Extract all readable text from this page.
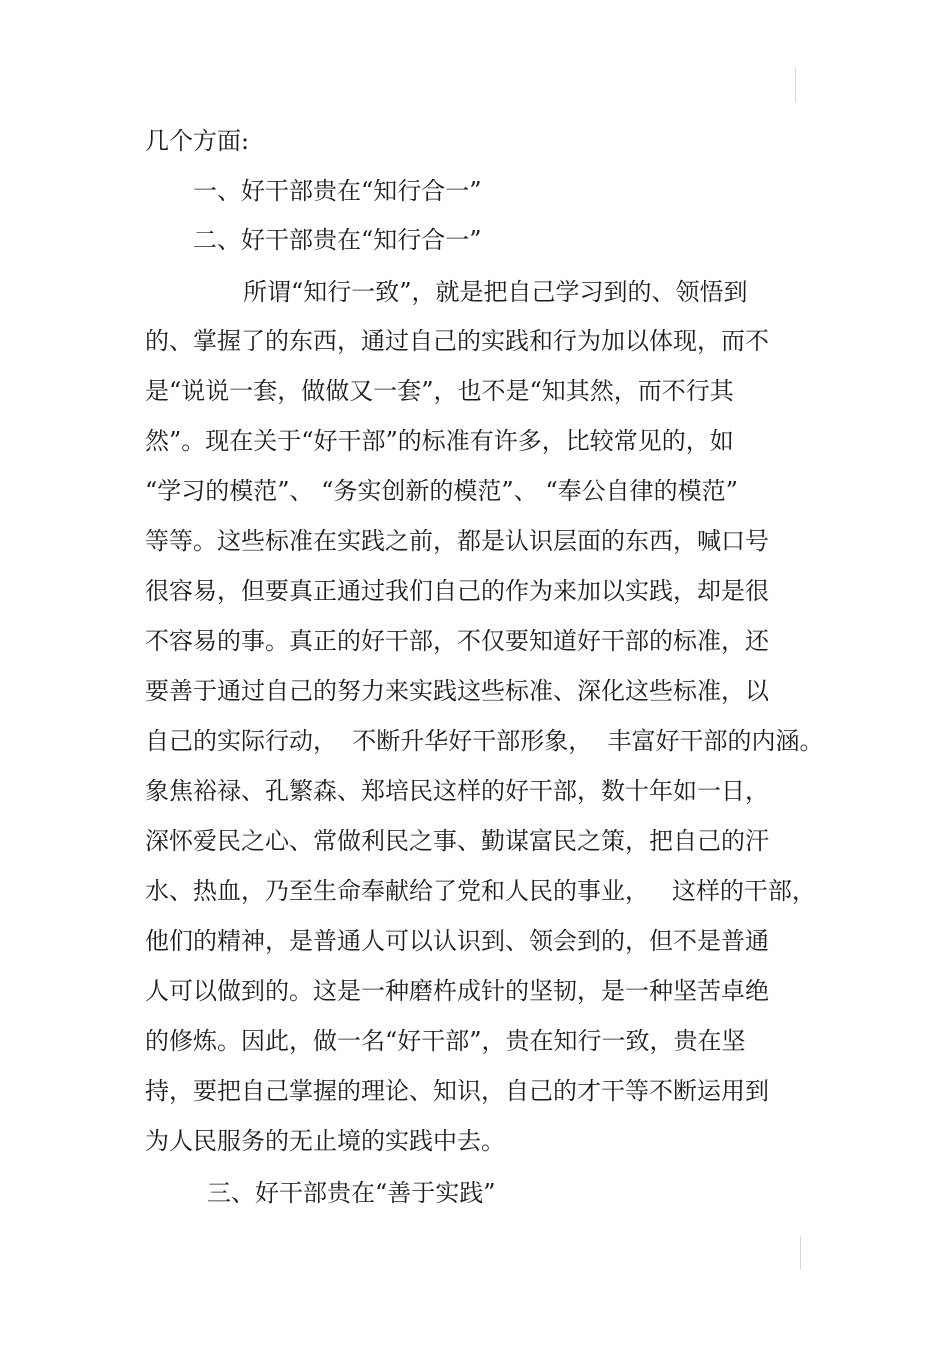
几个方面:

一、好干部贵在“知行合一”

二、好干部贵在“知行合一”

所谓“知行一致”，就是把自己学习到的、领悟到

的、掌握了的东西，通过自己的实践和行为加以体现，而不

是“说说一套，做做又一套”，也不是“知其然，而不行其

然”。现在关于“好干部”的标准有许多，比较常见的，如

“学习的模范”、 “务实创新的模范”、 “奉公自律的模范”

等等。这些标准在实践之前，都是认识层面的东西，喊口号

很容易，但要真正通过我们自己的作为来加以实践，却是很

不容易的事。真正的好干部，不仅要知道好干部的标准，还

要善于通过自己的努力来实践这些标准、深化这些标准，以

自己的实际行动，  不断升华好干部形象，  丰富好干部的内涵。

象焦裕禄、孔繁森、郑培民这样的好干部，数十年如一日，

深怀爱民之心、常做利民之事、勤谋富民之策，把自己的汗

水、热血，乃至生命奉献给了党和人民的事业，   这样的干部，

他们的精神，是普通人可以认识到、领会到的，但不是普通

人可以做到的。这是一种磨杵成针的坚韧，是一种坚苦卓绝

的修炼。因此，做一名“好干部”，贵在知行一致，贵在坚

持，要把自己掌握的理论、知识，自己的才干等不断运用到

为人民服务的无止境的实践中去。

三、好干部贵在“善于实践”
